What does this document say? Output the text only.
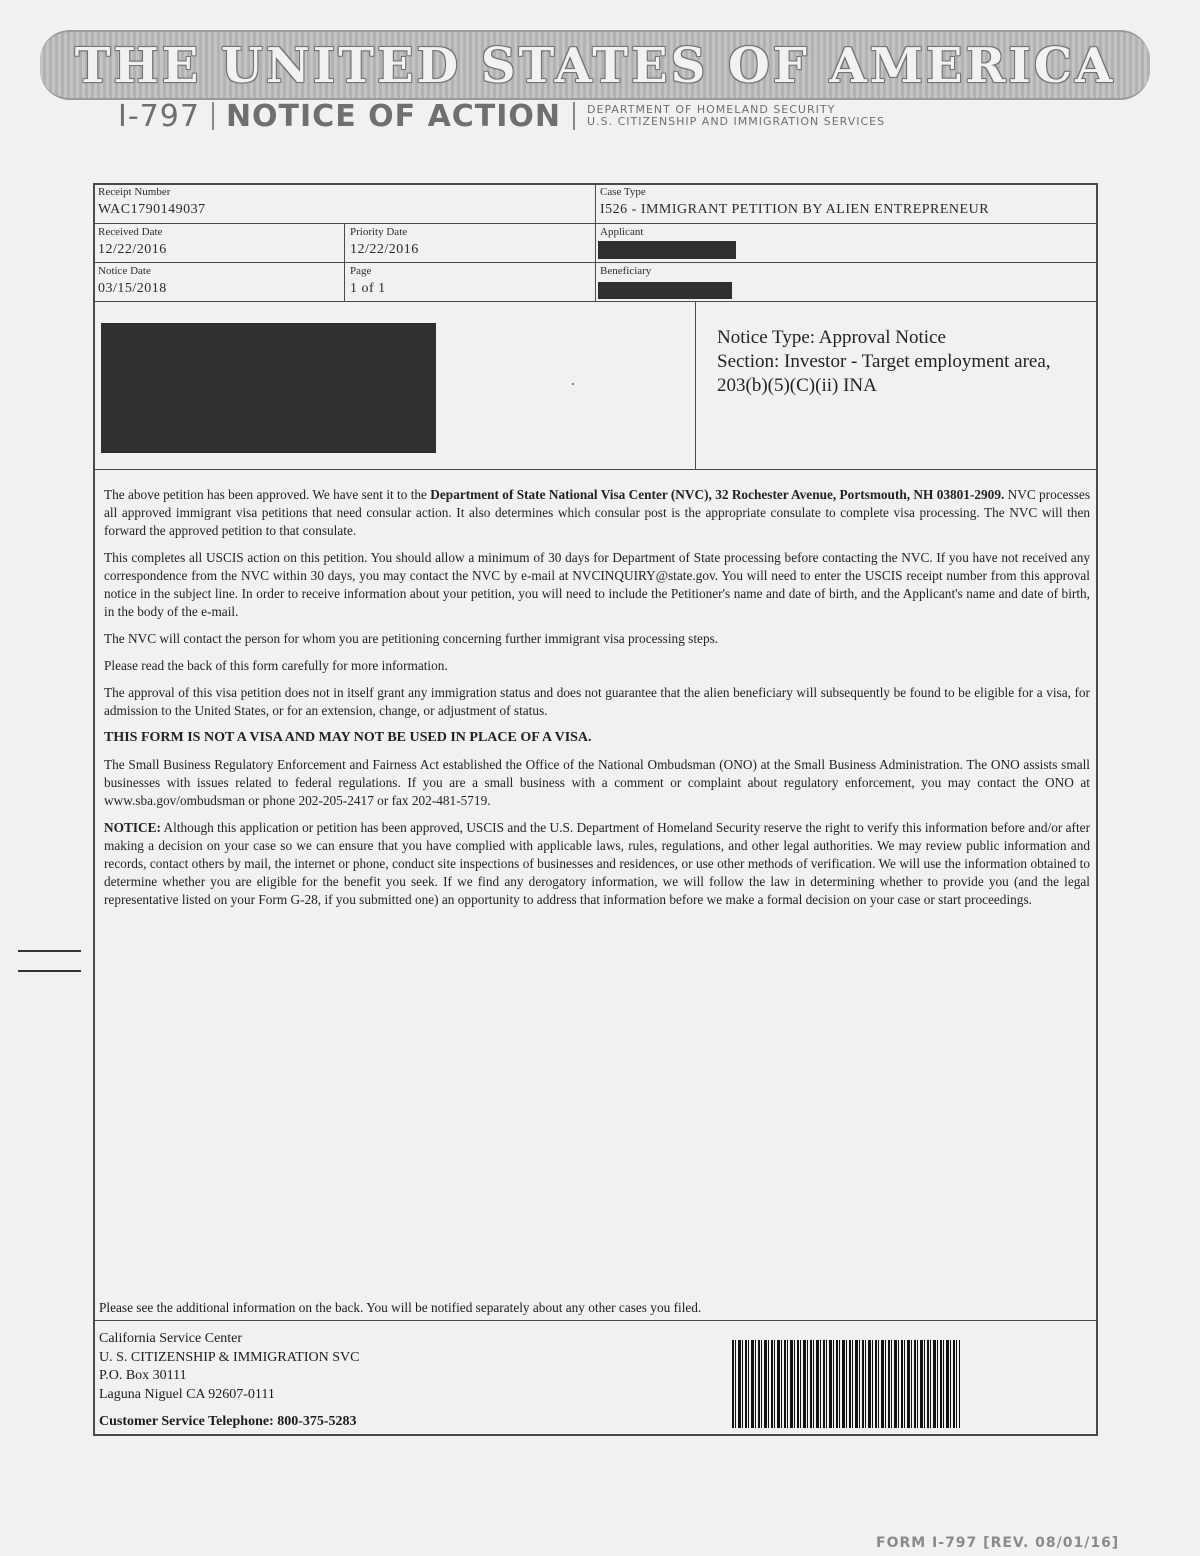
THE UNITED STATES OF AMERICA
I-797 NOTICE OF ACTION DEPARTMENT OF HOMELAND SECURITY
U.S. CITIZENSHIP AND IMMIGRATION SERVICES
Receipt Number
WAC1790149037
Case Type
I526 - IMMIGRANT PETITION BY ALIEN ENTREPRENEUR
Received Date
12/22/2016
Priority Date
12/22/2016
Applicant
Notice Date
03/15/2018
Page
1 of 1
Beneficiary
Notice Type: Approval Notice
Section: Investor - Target employment area,
203(b)(5)(C)(ii) INA

The above petition has been approved. We have sent it to the Department of State National Visa Center (NVC), 32 Rochester Avenue, Portsmouth, NH 03801-2909. NVC processes all approved immigrant visa petitions that need consular action. It also determines which consular post is the appropriate consulate to complete visa processing. The NVC will then forward the approved petition to that consulate.

This completes all USCIS action on this petition. You should allow a minimum of 30 days for Department of State processing before contacting the NVC. If you have not received any correspondence from the NVC within 30 days, you may contact the NVC by e-mail at NVCINQUIRY@state.gov. You will need to enter the USCIS receipt number from this approval notice in the subject line. In order to receive information about your petition, you will need to include the Petitioner's name and date of birth, and the Applicant's name and date of birth, in the body of the e-mail.

The NVC will contact the person for whom you are petitioning concerning further immigrant visa processing steps.

Please read the back of this form carefully for more information.

The approval of this visa petition does not in itself grant any immigration status and does not guarantee that the alien beneficiary will subsequently be found to be eligible for a visa, for admission to the United States, or for an extension, change, or adjustment of status.

THIS FORM IS NOT A VISA AND MAY NOT BE USED IN PLACE OF A VISA.

The Small Business Regulatory Enforcement and Fairness Act established the Office of the National Ombudsman (ONO) at the Small Business Administration. The ONO assists small businesses with issues related to federal regulations. If you are a small business with a comment or complaint about regulatory enforcement, you may contact the ONO at www.sba.gov/ombudsman or phone 202-205-2417 or fax 202-481-5719.

NOTICE: Although this application or petition has been approved, USCIS and the U.S. Department of Homeland Security reserve the right to verify this information before and/or after making a decision on your case so we can ensure that you have complied with applicable laws, rules, regulations, and other legal authorities. We may review public information and records, contact others by mail, the internet or phone, conduct site inspections of businesses and residences, or use other methods of verification. We will use the information obtained to determine whether you are eligible for the benefit you seek. If we find any derogatory information, we will follow the law in determining whether to provide you (and the legal representative listed on your Form G-28, if you submitted one) an opportunity to address that information before we make a formal decision on your case or start proceedings.

Please see the additional information on the back. You will be notified separately about any other cases you filed.
California Service Center
U. S. CITIZENSHIP & IMMIGRATION SVC
P.O. Box 30111
Laguna Niguel CA 92607-0111
Customer Service Telephone: 800-375-5283
FORM I-797 [REV. 08/01/16]
